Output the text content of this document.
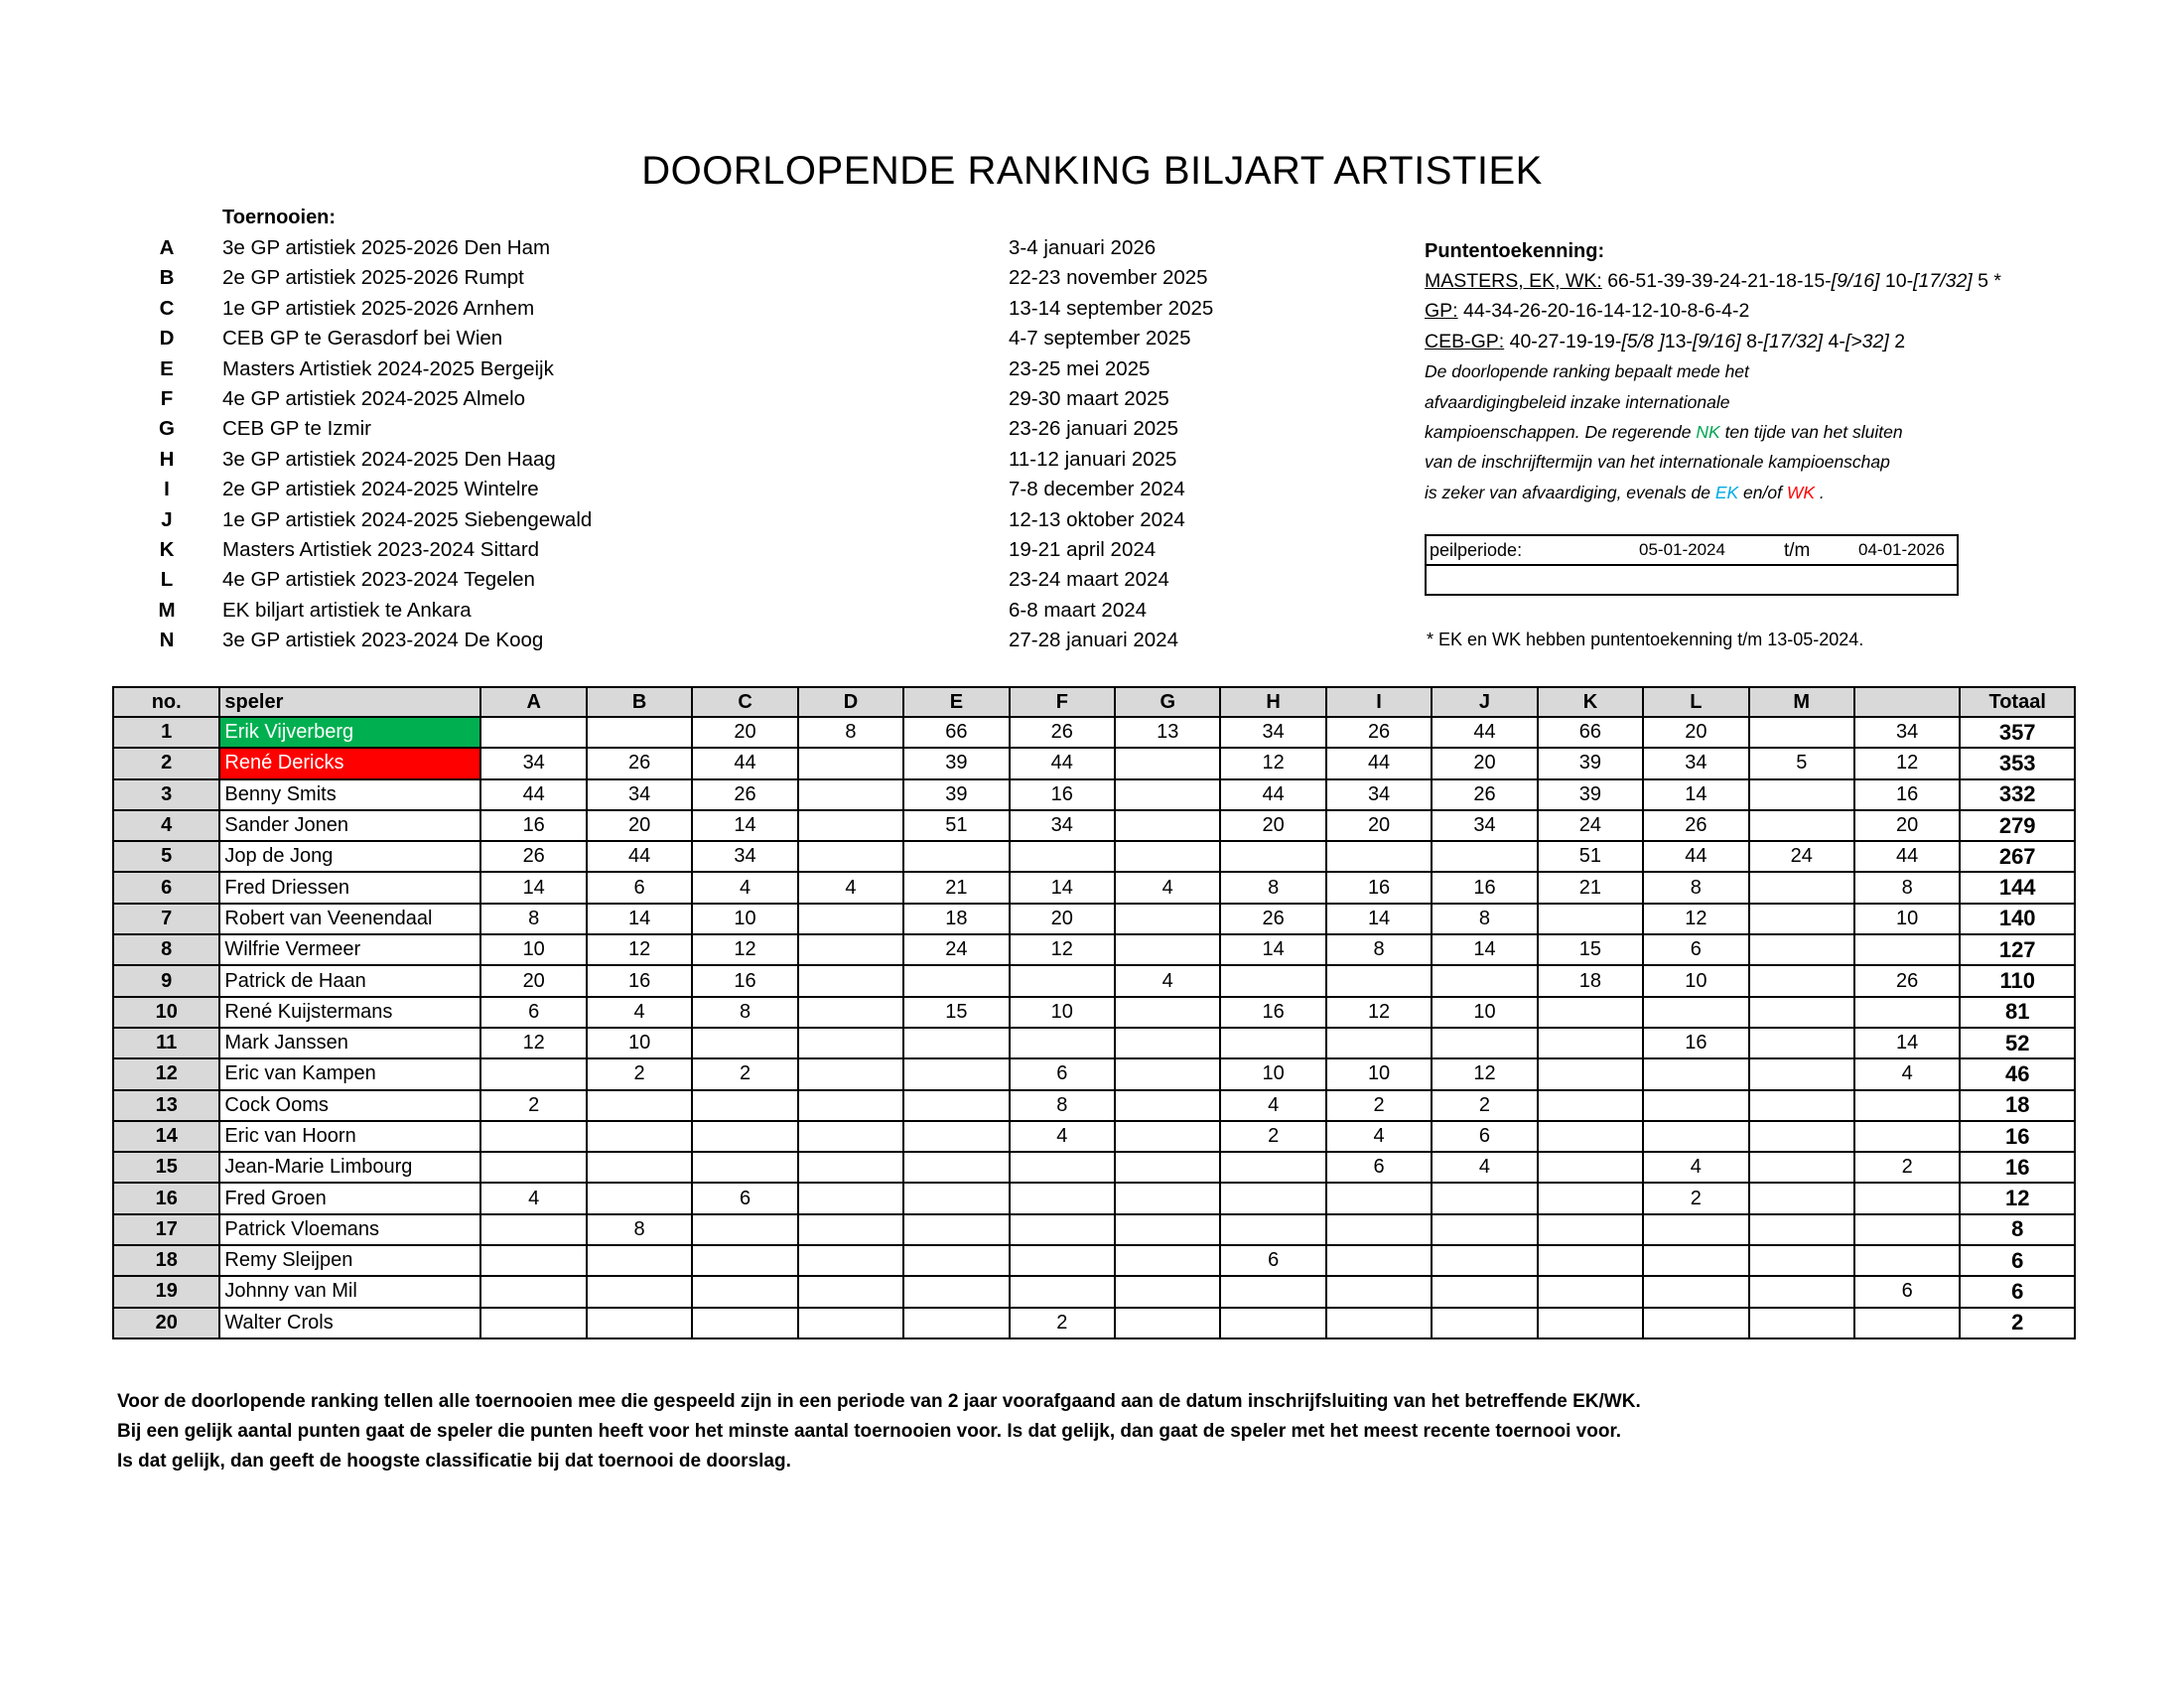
DOORLOPENDE RANKING BILJART ARTISTIEK
Toernooien:
A	3e GP artistiek 2025-2026 Den Ham	3-4 januari 2026
B	2e GP artistiek 2025-2026 Rumpt	22-23 november 2025
C	1e GP artistiek 2025-2026 Arnhem	13-14 september 2025
D	CEB GP te Gerasdorf bei Wien	4-7 september 2025
E	Masters Artistiek 2024-2025 Bergeijk	23-25 mei 2025
F	4e GP artistiek 2024-2025 Almelo	29-30 maart 2025
G	CEB GP te Izmir	23-26 januari 2025
H	3e GP artistiek 2024-2025 Den Haag	11-12 januari 2025
I	2e GP artistiek 2024-2025 Wintelre	7-8 december 2024
J	1e GP artistiek 2024-2025 Siebengewald	12-13 oktober 2024
K	Masters Artistiek 2023-2024 Sittard	19-21 april 2024
L	4e GP artistiek 2023-2024 Tegelen	23-24 maart 2024
M	EK biljart artistiek te Ankara	6-8 maart 2024
N	3e GP artistiek 2023-2024 De Koog	27-28 januari 2024
Puntentoekenning:
MASTERS, EK, WK: 66-51-39-39-24-21-18-15-[9/16] 10-[17/32] 5 *
GP: 44-34-26-20-16-14-12-10-8-6-4-2
CEB-GP: 40-27-19-19-[5/8 ]13-[9/16] 8-[17/32] 4-[>32] 2
De doorlopende ranking bepaalt mede het
afvaardigingbeleid inzake internationale
kampioenschappen. De regerende NK ten tijde van het sluiten
van de inschrijftermijn van het internationale kampioenschap
is zeker van afvaardiging, evenals de EK en/of WK .
peilperiode:	05-01-2024	t/m	04-01-2026
* EK en WK hebben puntentoekenning t/m 13-05-2024.
no.	speler	A	B	C	D	E	F	G	H	I	J	K	L	M		Totaal
1	Erik Vijverberg			20	8	66	26	13	34	26	44	66	20		34	357
2	René Dericks	34	26	44		39	44		12	44	20	39	34	5	12	353
3	Benny Smits	44	34	26		39	16		44	34	26	39	14		16	332
4	Sander Jonen	16	20	14		51	34		20	20	34	24	26		20	279
5	Jop de Jong	26	44	34								51	44	24	44	267
6	Fred Driessen	14	6	4	4	21	14	4	8	16	16	21	8		8	144
7	Robert van Veenendaal	8	14	10		18	20		26	14	8		12		10	140
8	Wilfrie Vermeer	10	12	12		24	12		14	8	14	15	6			127
9	Patrick de Haan	20	16	16				4				18	10		26	110
10	René Kuijstermans	6	4	8		15	10		16	12	10					81
11	Mark Janssen	12	10										16		14	52
12	Eric van Kampen		2	2			6		10	10	12				4	46
13	Cock Ooms	2					8		4	2	2					18
14	Eric van Hoorn						4		2	4	6					16
15	Jean-Marie Limbourg									6	4		4		2	16
16	Fred Groen	4		6									2			12
17	Patrick Vloemans		8													8
18	Remy Sleijpen								6							6
19	Johnny van Mil														6	6
20	Walter Crols						2									2
Voor de doorlopende ranking tellen alle toernooien mee die gespeeld zijn in een periode van 2 jaar voorafgaand aan de datum inschrijfsluiting van het betreffende EK/WK.
Bij een gelijk aantal punten gaat de speler die punten heeft voor het minste aantal toernooien voor. Is dat gelijk, dan gaat de speler met het meest recente toernooi voor.
Is dat gelijk, dan geeft de hoogste classificatie bij dat toernooi de doorslag.
